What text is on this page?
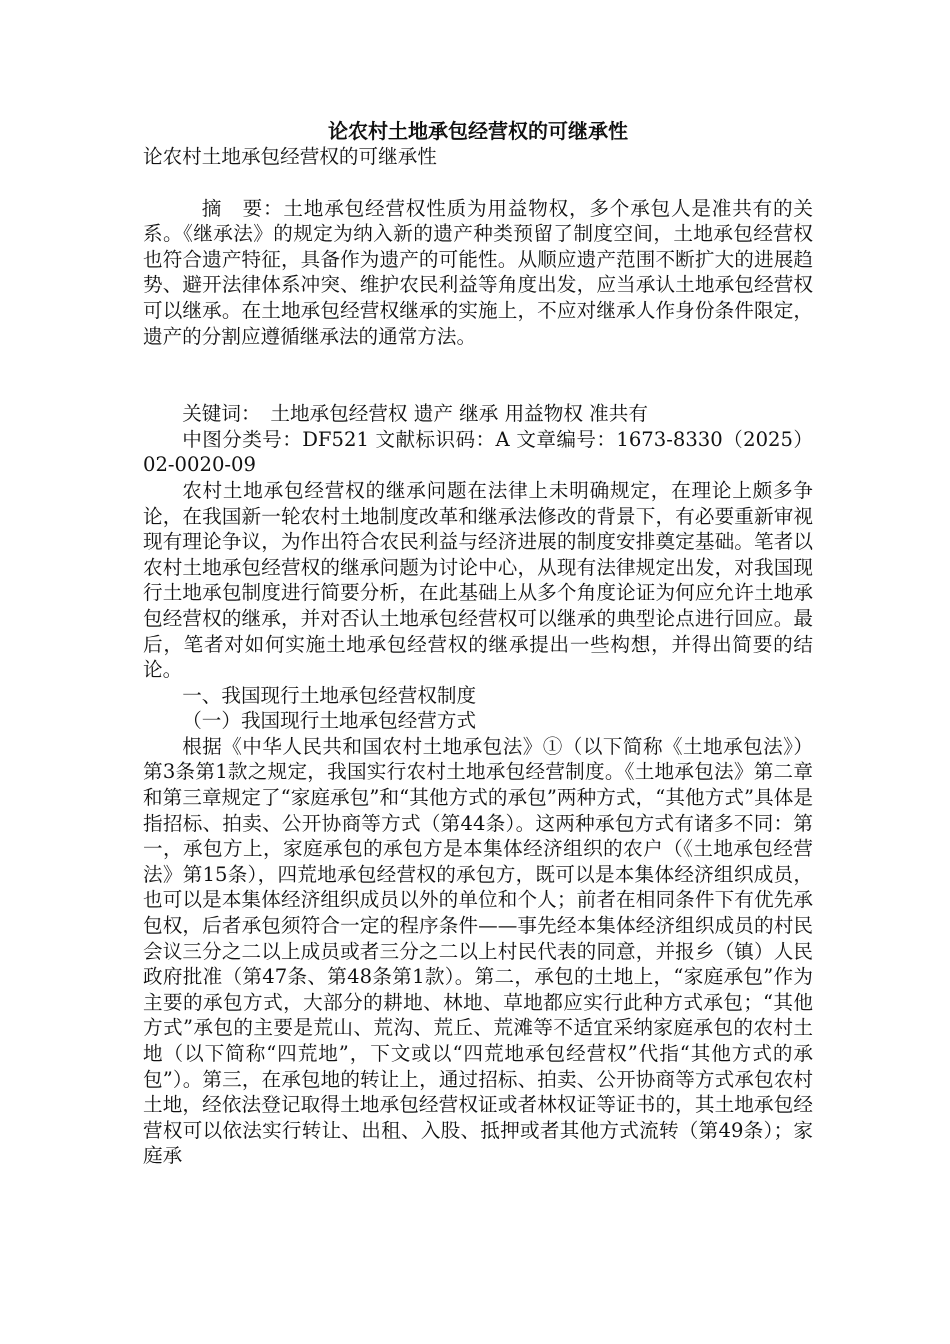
论农村土地承包经营权的可继承性
论农村土地承包经营权的可继承性

摘　要：土地承包经营权性质为用益物权，多个承包人是准共有的关系。《继承法》的规定为纳入新的遗产种类预留了制度空间，土地承包经营权也符合遗产特征，具备作为遗产的可能性。从顺应遗产范围不断扩大的进展趋势、避开法律体系冲突、维护农民利益等角度出发，应当承认土地承包经营权可以继承。在土地承包经营权继承的实施上，不应对继承人作身份条件限定，遗产的分割应遵循继承法的通常方法。

关键词：　土地承包经营权 遗产 继承 用益物权 准共有

中图分类号：DF521 文献标识码：A 文章编号：1673-8330（2025）02-0020-09

农村土地承包经营权的继承问题在法律上未明确规定，在理论上颇多争论，在我国新一轮农村土地制度改革和继承法修改的背景下，有必要重新审视现有理论争议，为作出符合农民利益与经济进展的制度安排奠定基础。笔者以农村土地承包经营权的继承问题为讨论中心，从现有法律规定出发，对我国现行土地承包制度进行简要分析，在此基础上从多个角度论证为何应允许土地承包经营权的继承，并对否认土地承包经营权可以继承的典型论点进行回应。最后，笔者对如何实施土地承包经营权的继承提出一些构想，并得出简要的结论。

一、我国现行土地承包经营权制度

（一）我国现行土地承包经营方式

根据《中华人民共和国农村土地承包法》①（以下简称《土地承包法》）第3条第1款之规定，我国实行农村土地承包经营制度。《土地承包法》第二章和第三章规定了“家庭承包”和“其他方式的承包”两种方式，“其他方式”具体是指招标、拍卖、公开协商等方式（第44条）。这两种承包方式有诸多不同：第一，承包方上，家庭承包的承包方是本集体经济组织的农户（《土地承包经营法》第15条），四荒地承包经营权的承包方，既可以是本集体经济组织成员，也可以是本集体经济组织成员以外的单位和个人；前者在相同条件下有优先承包权，后者承包须符合一定的程序条件——事先经本集体经济组织成员的村民会议三分之二以上成员或者三分之二以上村民代表的同意，并报乡（镇）人民政府批准（第47条、第48条第1款）。第二，承包的土地上，“家庭承包”作为主要的承包方式，大部分的耕地、林地、草地都应实行此种方式承包；“其他方式”承包的主要是荒山、荒沟、荒丘、荒滩等不适宜采纳家庭承包的农村土地（以下简称“四荒地”，下文或以“四荒地承包经营权”代指“其他方式的承包”）。第三，在承包地的转让上，通过招标、拍卖、公开协商等方式承包农村土地，经依法登记取得土地承包经营权证或者林权证等证书的，其土地承包经营权可以依法实行转让、出租、入股、抵押或者其他方式流转（第49条）；家庭承
